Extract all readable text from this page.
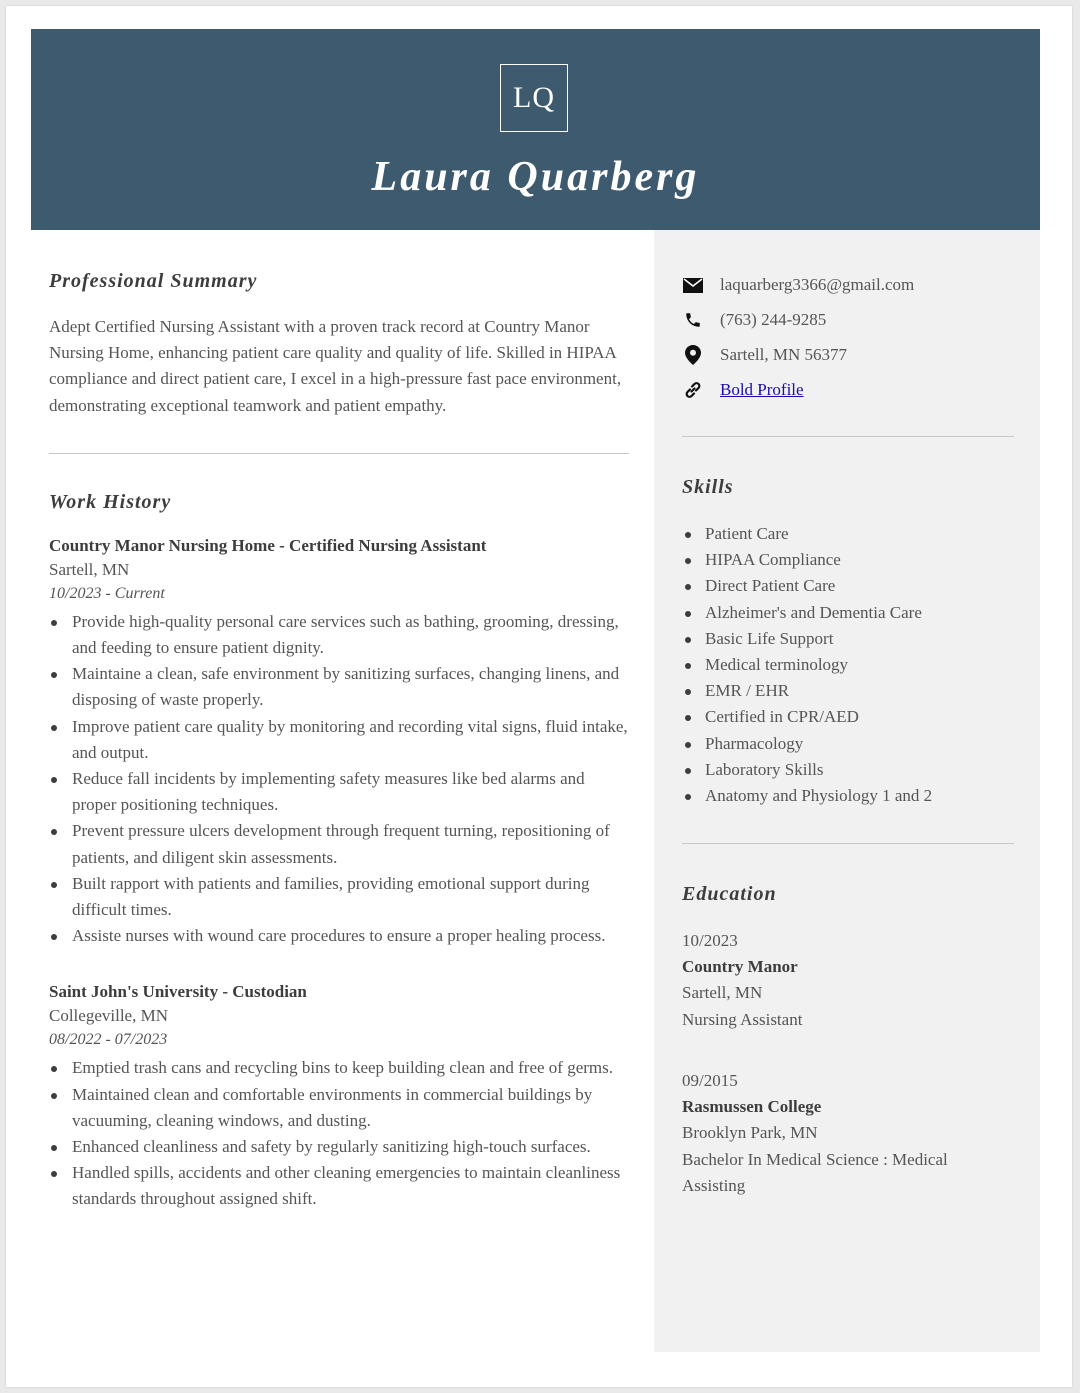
LQ
Laura Quarberg
Professional Summary

Adept Certified Nursing Assistant with a proven track record at Country Manor Nursing Home, enhancing patient care quality and quality of life. Skilled in HIPAA compliance and direct patient care, I excel in a high-pressure fast pace environment, demonstrating exceptional teamwork and patient empathy.

Work History
Country Manor Nursing Home - Certified Nursing Assistant
Sartell, MN
10/2023 - Current
Provide high-quality personal care services such as bathing, grooming, dressing, and feeding to ensure patient dignity.
Maintaine a clean, safe environment by sanitizing surfaces, changing linens, and disposing of waste properly.
Improve patient care quality by monitoring and recording vital signs, fluid intake, and output.
Reduce fall incidents by implementing safety measures like bed alarms and proper positioning techniques.
Prevent pressure ulcers development through frequent turning, repositioning of patients, and diligent skin assessments.
Built rapport with patients and families, providing emotional support during difficult times.
Assiste nurses with wound care procedures to ensure a proper healing process.
Saint John's University - Custodian
Collegeville, MN
08/2022 - 07/2023
Emptied trash cans and recycling bins to keep building clean and free of germs.
Maintained clean and comfortable environments in commercial buildings by vacuuming, cleaning windows, and dusting.
Enhanced cleanliness and safety by regularly sanitizing high-touch surfaces.
Handled spills, accidents and other cleaning emergencies to maintain cleanliness standards throughout assigned shift.
laquarberg3366@gmail.com
(763) 244-9285
Sartell, MN 56377
Bold Profile
Skills
Patient Care
HIPAA Compliance
Direct Patient Care
Alzheimer's and Dementia Care
Basic Life Support
Medical terminology
EMR / EHR
Certified in CPR/AED
Pharmacology
Laboratory Skills
Anatomy and Physiology 1 and 2
Education
10/2023
Country Manor
Sartell, MN
Nursing Assistant
09/2015
Rasmussen College
Brooklyn Park, MN
Bachelor In Medical Science : Medical Assisting
